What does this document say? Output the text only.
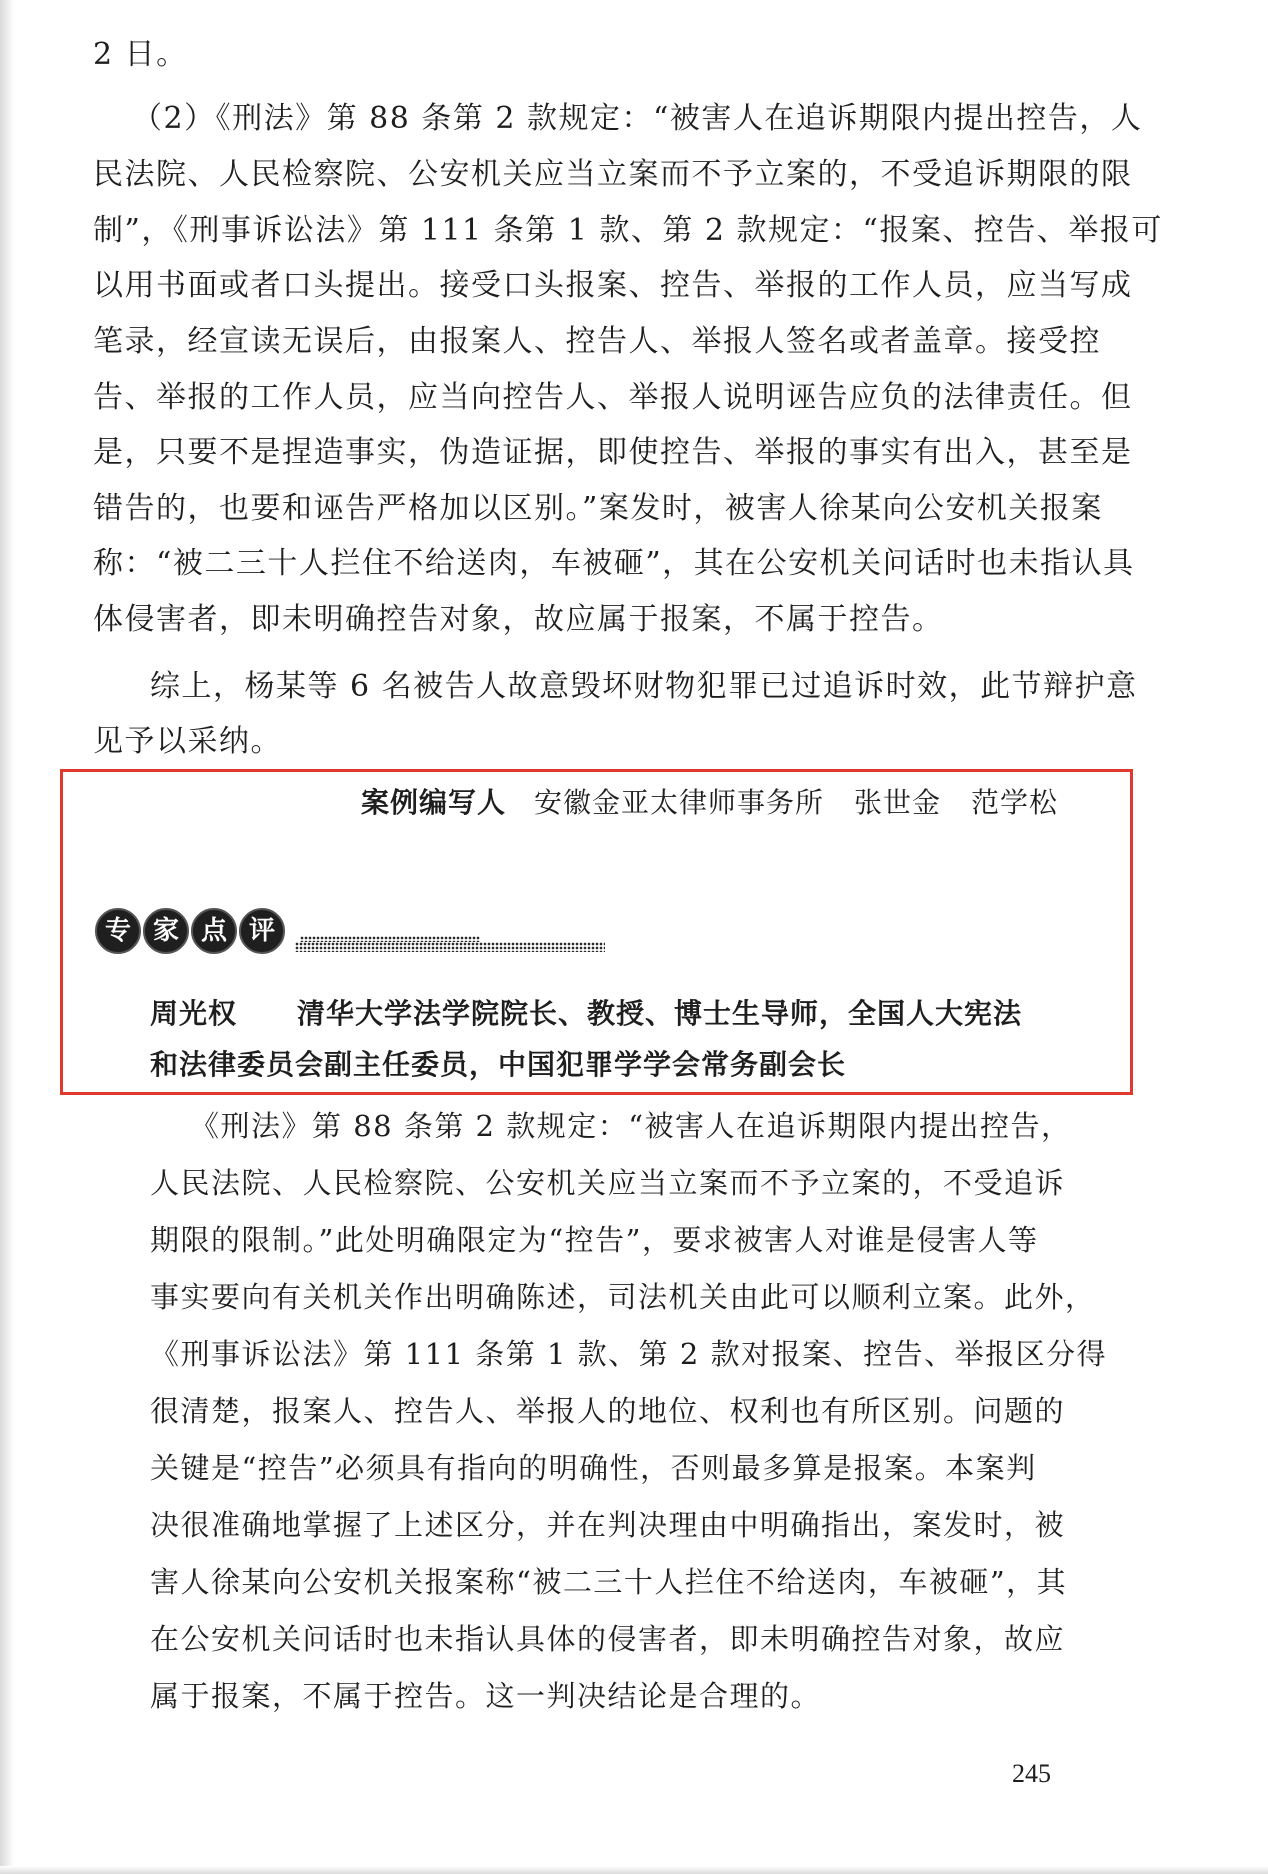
2 日。

（2）《刑法》第 88 条第 2 款规定：“被害人在追诉期限内提出控告，人

民法院、人民检察院、公安机关应当立案而不予立案的，不受追诉期限的限

制”，《刑事诉讼法》第 111 条第 1 款、第 2 款规定：“报案、控告、举报可

以用书面或者口头提出。接受口头报案、控告、举报的工作人员，应当写成

笔录，经宣读无误后，由报案人、控告人、举报人签名或者盖章。接受控

告、举报的工作人员，应当向控告人、举报人说明诬告应负的法律责任。但

是，只要不是捏造事实，伪造证据，即使控告、举报的事实有出入，甚至是

错告的，也要和诬告严格加以区别。”案发时，被害人徐某向公安机关报案

称：“被二三十人拦住不给送肉，车被砸”，其在公安机关问话时也未指认具

体侵害者，即未明确控告对象，故应属于报案，不属于控告。

综上，杨某等 6 名被告人故意毁坏财物犯罪已过追诉时效，此节辩护意

见予以采纳。

案例编写人 安徽金亚太律师事务所 张世金 范学松

专 家 点 评

周光权 清华大学法学院院长、教授、博士生导师，全国人大宪法

和法律委员会副主任委员，中国犯罪学学会常务副会长

《刑法》第 88 条第 2 款规定：“被害人在追诉期限内提出控告，

人民法院、人民检察院、公安机关应当立案而不予立案的，不受追诉

期限的限制。”此处明确限定为“控告”，要求被害人对谁是侵害人等

事实要向有关机关作出明确陈述，司法机关由此可以顺利立案。此外，

《刑事诉讼法》第 111 条第 1 款、第 2 款对报案、控告、举报区分得

很清楚，报案人、控告人、举报人的地位、权利也有所区别。问题的

关键是“控告”必须具有指向的明确性，否则最多算是报案。本案判

决很准确地掌握了上述区分，并在判决理由中明确指出，案发时，被

害人徐某向公安机关报案称“被二三十人拦住不给送肉，车被砸”，其

在公安机关问话时也未指认具体的侵害者，即未明确控告对象，故应

属于报案，不属于控告。这一判决结论是合理的。

245
